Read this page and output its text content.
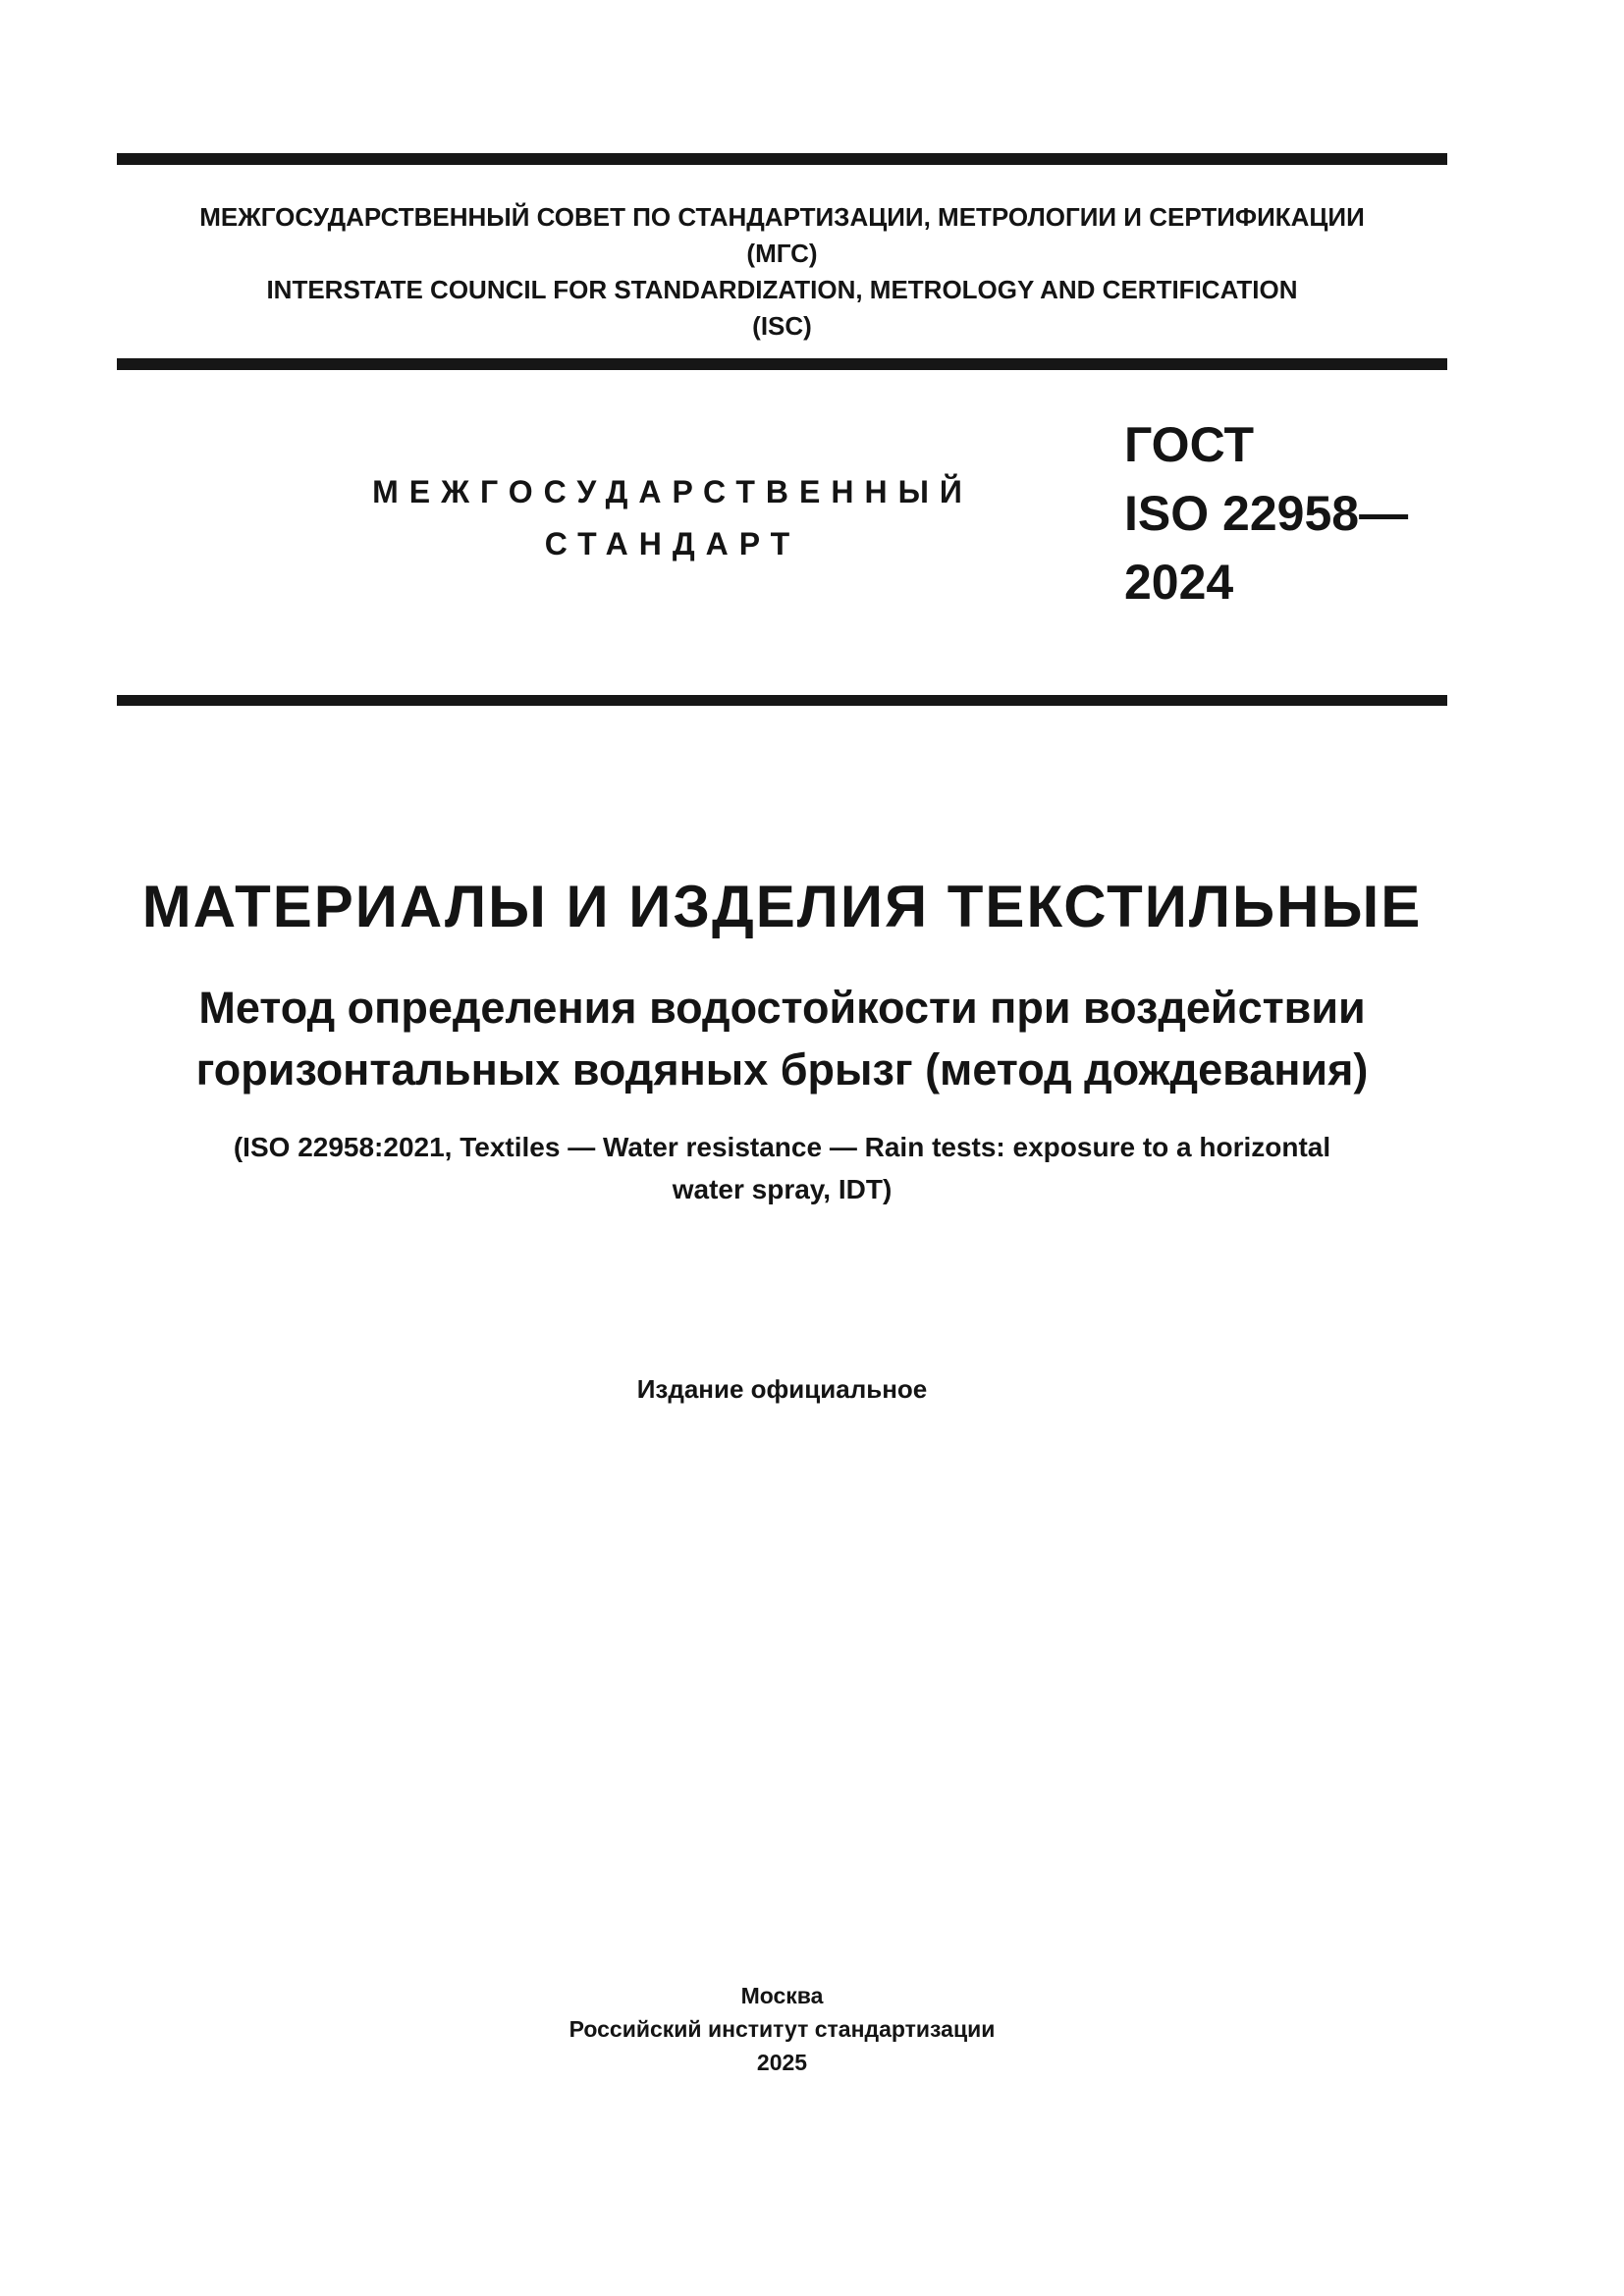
МЕЖГОСУДАРСТВЕННЫЙ СОВЕТ ПО СТАНДАРТИЗАЦИИ, МЕТРОЛОГИИ И СЕРТИФИКАЦИИ
(МГС)
INTERSTATE COUNCIL FOR STANDARDIZATION, METROLOGY AND CERTIFICATION
(ISC)
МЕЖГОСУДАРСТВЕННЫЙ
СТАНДАРТ
ГОСТ
ISO 22958—
2024
МАТЕРИАЛЫ И ИЗДЕЛИЯ ТЕКСТИЛЬНЫЕ
Метод определения водостойкости при воздействии
горизонтальных водяных брызг (метод дождевания)
(ISO 22958:2021, Textiles — Water resistance — Rain tests: exposure to a horizontal
water spray, IDT)
Издание официальное
Москва
Российский институт стандартизации
2025
